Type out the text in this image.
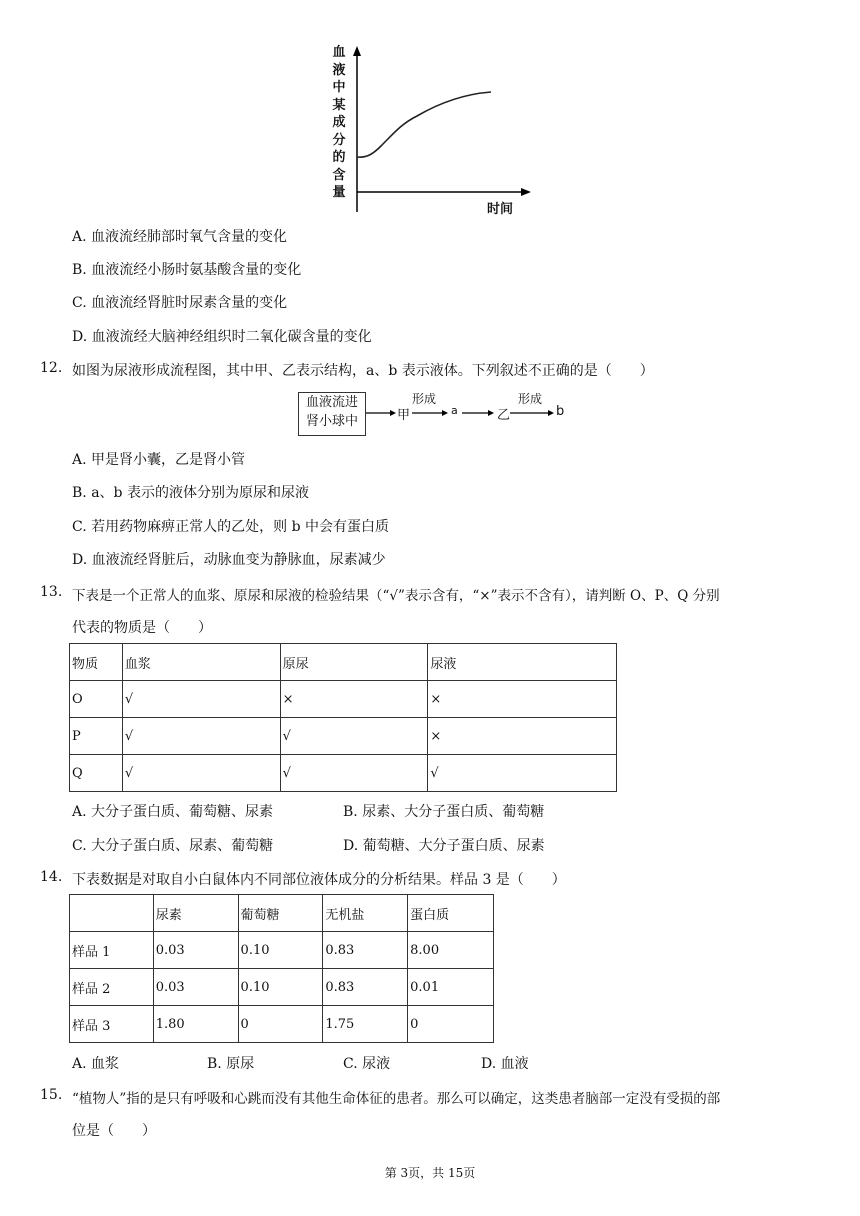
血液中某成分的含量
时间
A. 血液流经肺部时氧气含量的变化
B. 血液流经小肠时氨基酸含量的变化
C. 血液流经肾脏时尿素含量的变化
D. 血液流经大脑神经组织时二氧化碳含量的变化
12. 如图为尿液形成流程图，其中甲、乙表示结构，a、b 表示液体。下列叙述不正确的是（　　）
血液流进
肾小球中	甲
形成
a	乙
形成
b
A. 甲是肾小囊，乙是肾小管
B. a、b 表示的液体分别为原尿和尿液
C. 若用药物麻痹正常人的乙处，则 b 中会有蛋白质
D. 血液流经肾脏后，动脉血变为静脉血，尿素减少
13. 下表是一个正常人的血浆、原尿和尿液的检验结果（“√”表示含有，“×”表示不含有），请判断 O、P、Q 分别
代表的物质是（　　）
物质	血浆	原尿	尿液
O	√	×	×
P	√	√	×
Q	√	√	√
A. 大分子蛋白质、葡萄糖、尿素	B. 尿素、大分子蛋白质、葡萄糖
C. 大分子蛋白质、尿素、葡萄糖	D. 葡萄糖、大分子蛋白质、尿素
14. 下表数据是对取自小白鼠体内不同部位液体成分的分析结果。样品 3 是（　　）
	尿素	葡萄糖	无机盐	蛋白质
样品 1	0.03	0.10	0.83	8.00
样品 2	0.03	0.10	0.83	0.01
样品 3	1.80	0	1.75	0
A. 血浆	B. 原尿	C. 尿液	D. 血液
15. “植物人”指的是只有呼吸和心跳而没有其他生命体征的患者。那么可以确定，这类患者脑部一定没有受损的部
位是（　　）
第 3页，共 15页
